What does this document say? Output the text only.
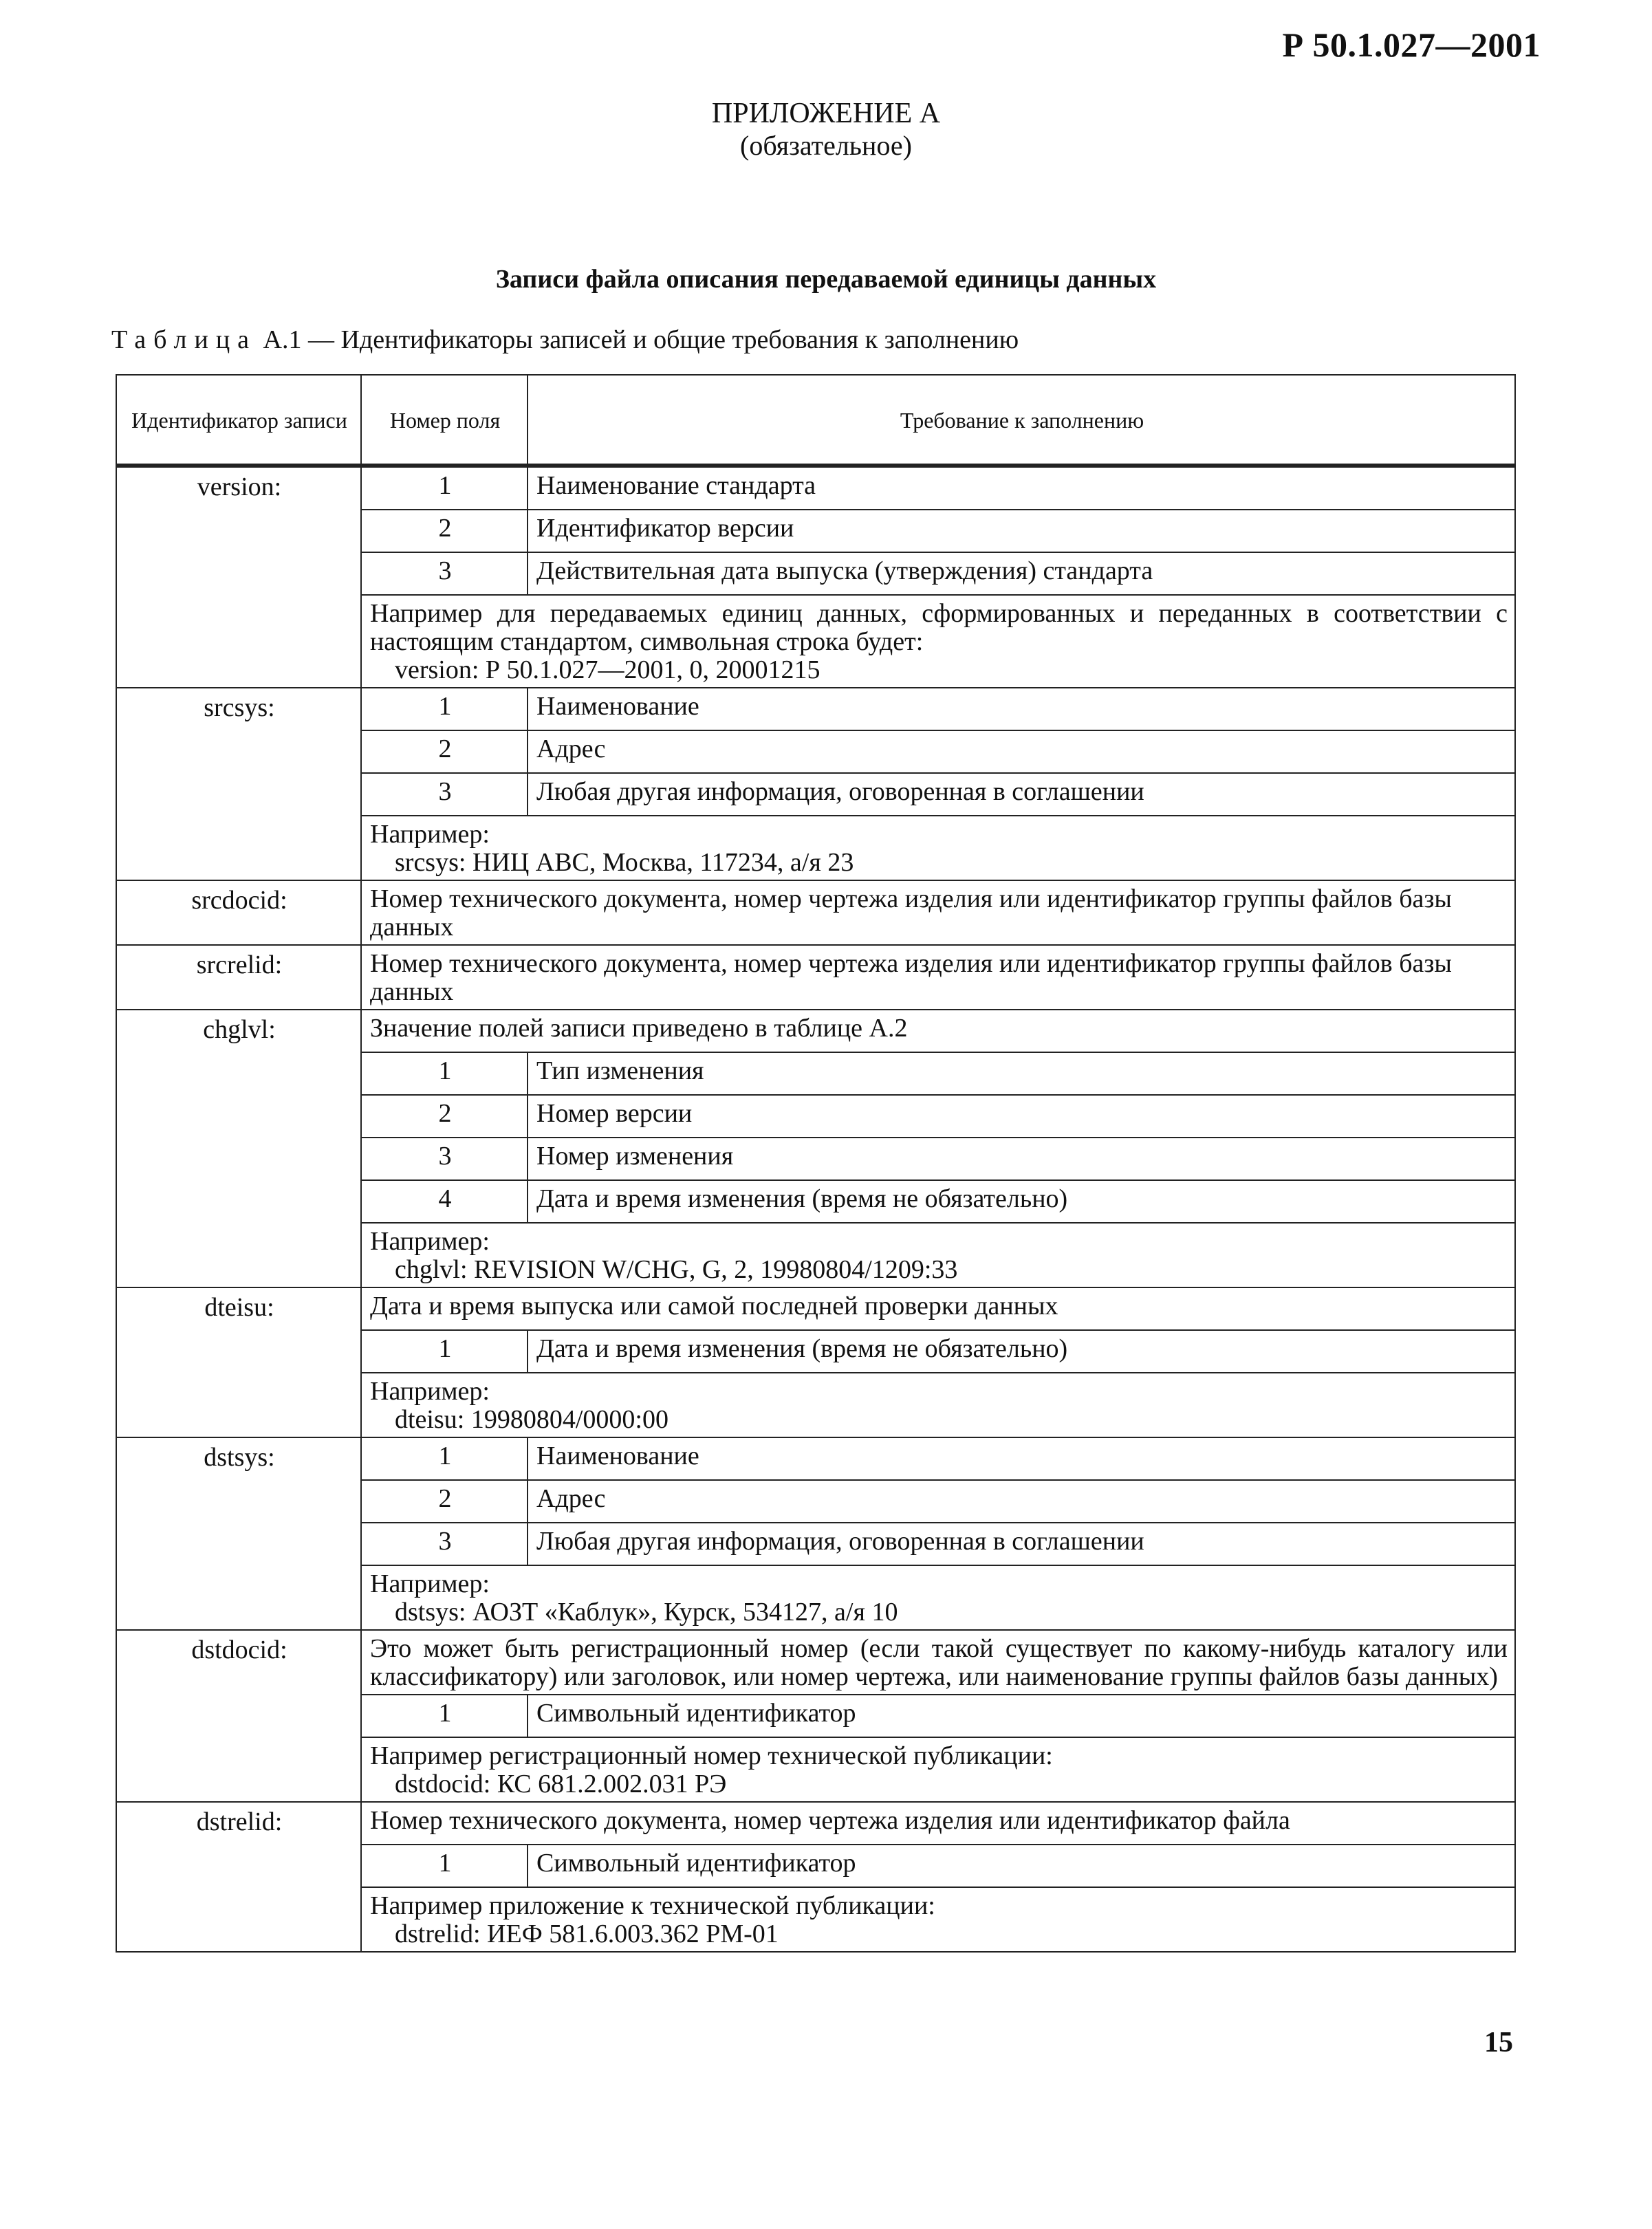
Р 50.1.027—2001
ПРИЛОЖЕНИЕ А
(обязательное)
Записи файла описания передаваемой единицы данных
Таблица А.1 — Идентификаторы записей и общие требования к заполнению
Идентификатор записи	Номер поля	Требование к заполнению
version:	1	Наименование стандарта
	2	Идентификатор версии
	3	Действительная дата выпуска (утверждения) стандарта
	Например для передаваемых единиц данных, сформированных и переданных в соответствии с настоящим стандартом, символьная строка будет:
version: Р 50.1.027—2001, 0, 20001215	

srcsys:	1	Наименование
	2	Адрес
	3	Любая другая информация, оговоренная в соглашении
	Например:
srcsys: НИЦ АВС, Москва, 117234, а/я 23	

srcdocid:	Номер технического документа, номер чертежа изделия или идентификатор группы файлов базы данных	
srcrelid:	Номер технического документа, номер чертежа изделия или идентификатор группы файлов базы данных	
chglvl:	Значение полей записи приведено в таблице А.2	
	1	Тип изменения
	2	Номер версии
	3	Номер изменения
	4	Дата и время изменения (время не обязательно)
	Например:
chglvl: REVISION W/CHG, G, 2, 19980804/1209:33	

dteisu:	Дата и время выпуска или самой последней проверки данных	
	1	Дата и время изменения (время не обязательно)
	Например:
dteisu: 19980804/0000:00	

dstsys:	1	Наименование
	2	Адрес
	3	Любая другая информация, оговоренная в соглашении
	Например:
dstsys: АОЗТ «Каблук», Курск, 534127, а/я 10	

dstdocid:	Это может быть регистрационный номер (если такой существует по какому-нибудь каталогу или классификатору) или заголовок, или номер чертежа, или наименование группы файлов базы данных)	
	1	Символьный идентификатор
	Например регистрационный номер технической публикации:
dstdocid: КС 681.2.002.031 РЭ	

dstrelid:	Номер технического документа, номер чертежа изделия или идентификатор файла	
	1	Символьный идентификатор
	Например приложение к технической публикации:
dstrelid: ИЕФ 581.6.003.362 РМ-01	
15
